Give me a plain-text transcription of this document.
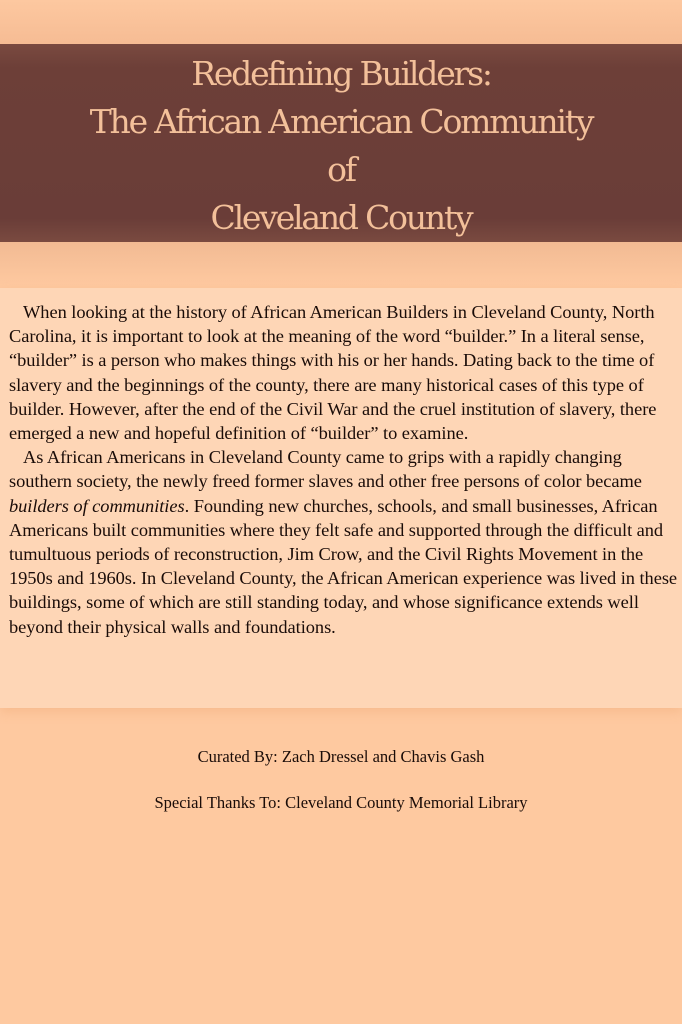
Redefining Builders:
The African American Community
of
Cleveland County

When looking at the history of African American Builders in Cleveland County, North Carolina, it is important to look at the meaning of the word “builder.” In a literal sense, “builder” is a person who makes things with his or her hands. Dating back to the time of slavery and the beginnings of the county, there are many historical cases of this type of builder. However, after the end of the Civil War and the cruel institution of slavery, there emerged a new and hopeful definition of “builder” to examine.

As African Americans in Cleveland County came to grips with a rapidly changing southern society, the newly freed former slaves and other free persons of color became builders of communities. Founding new churches, schools, and small businesses, African Americans built communities where they felt safe and supported through the difficult and tumultuous periods of reconstruction, Jim Crow, and the Civil Rights Movement in the 1950s and 1960s. In Cleveland County, the African American experience was lived in these buildings, some of which are still standing today, and whose significance extends well beyond their physical walls and foundations.

Curated By: Zach Dressel and Chavis Gash
Special Thanks To: Cleveland County Memorial Library
